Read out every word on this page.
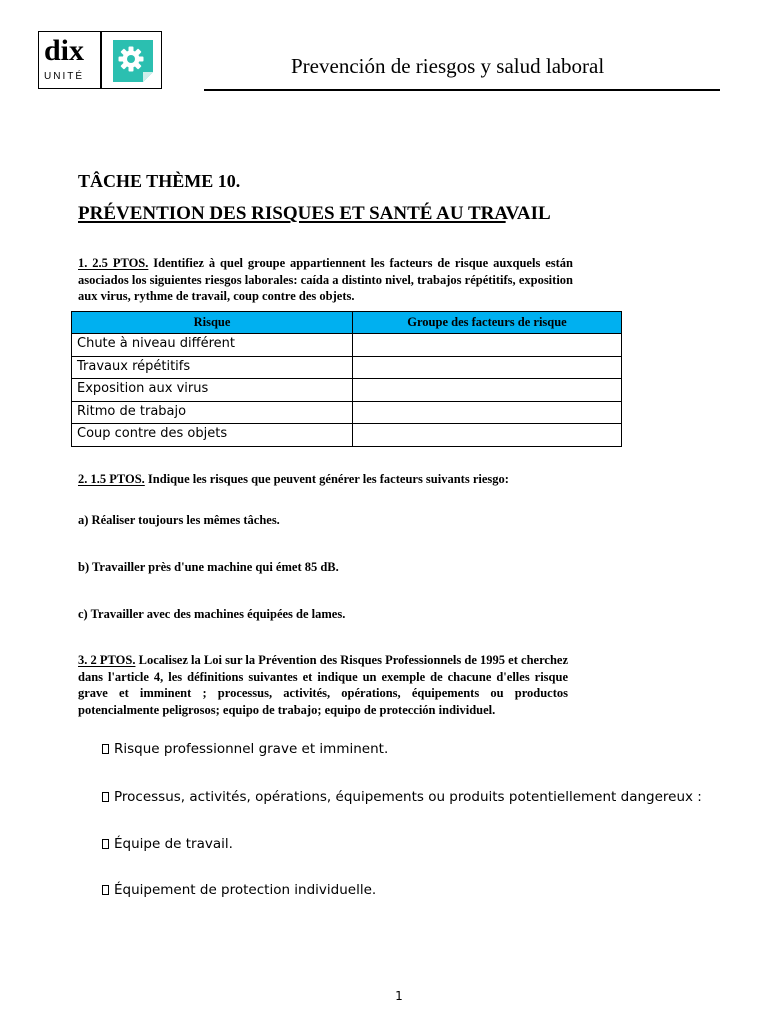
dix
UNITÉ	Prevención de riesgos y salud laboral
TÂCHE THÈME 10.
PRÉVENTION DES RISQUES ET SANTÉ AU TRAVAIL
1. 2.5 PTOS. Identifiez à quel groupe appartiennent les facteurs de risque auxquels están asociados los siguientes riesgos laborales: caída a distinto nivel, trabajos répétitifs, exposition aux virus, rythme de travail, coup contre des objets.
Risque	Groupe des facteurs de risque
Chute à niveau différent	
Travaux répétitifs	
Exposition aux virus	
Ritmo de trabajo	
Coup contre des objets	
2. 1.5 PTOS. Indique les risques que peuvent générer les facteurs suivants riesgo:
a) Réaliser toujours les mêmes tâches.
b) Travailler près d'une machine qui émet 85 dB.
c) Travailler avec des machines équipées de lames.
3. 2 PTOS. Localisez la Loi sur la Prévention des Risques Professionnels de 1995 et cherchez dans l'article 4, les définitions suivantes et indique un exemple de chacune d'elles risque grave et imminent ; processus, activités, opérations, équipements ou productos potencialmente peligrosos; equipo de trabajo; equipo de protección individuel.
Risque professionnel grave et imminent.
Processus, activités, opérations, équipements ou produits potentiellement dangereux :
Équipe de travail.
Équipement de protection individuelle.
1
